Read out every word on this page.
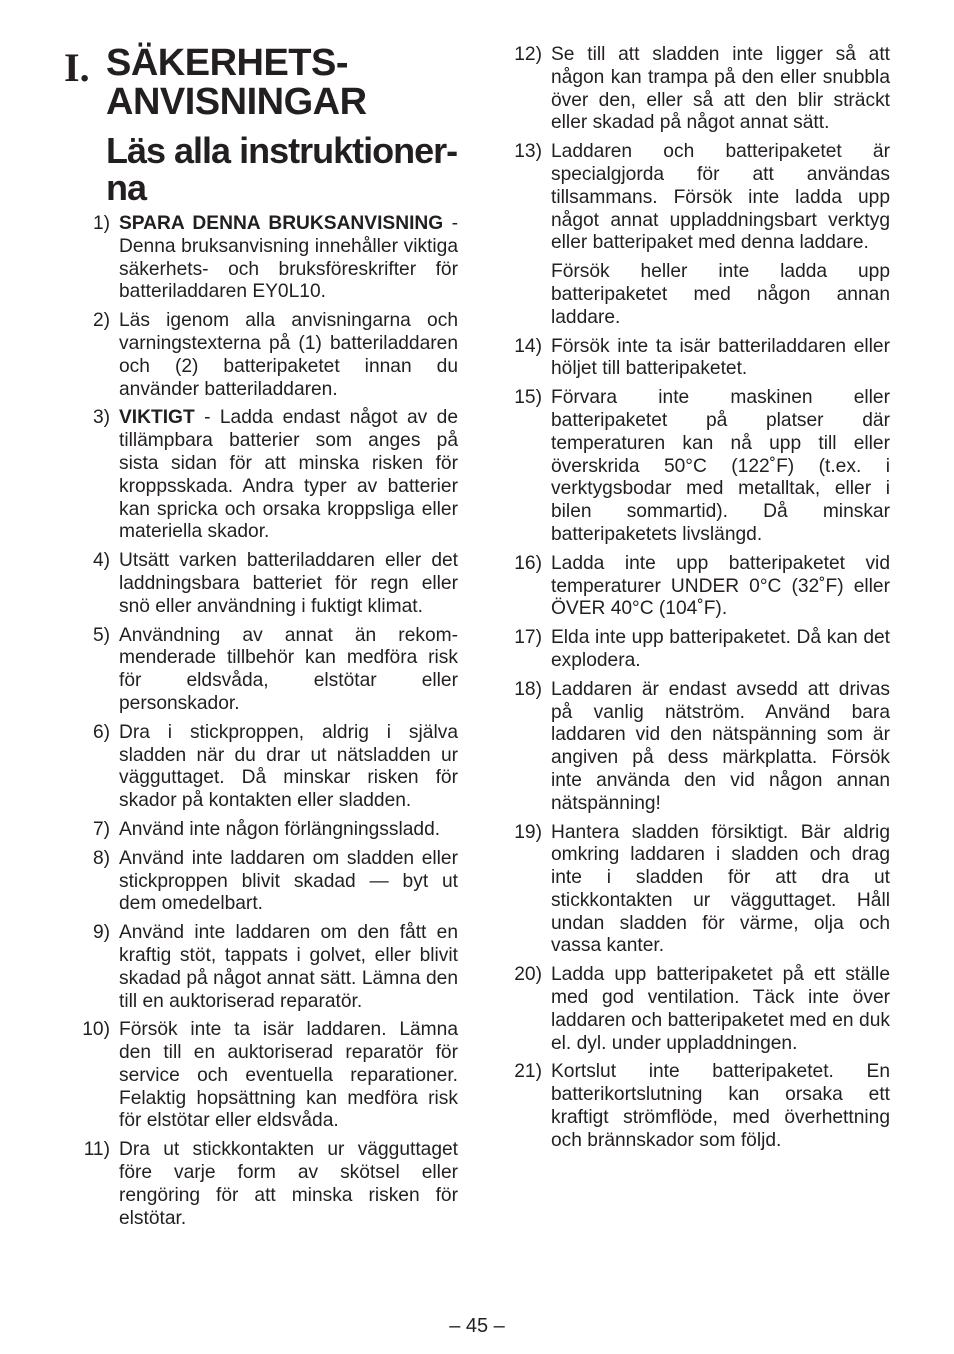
I. SÄKERHETS-
ANVISNINGAR
Läs alla instruktioner-
na
1) SPARA DENNA BRUKSANVISNING - Denna bruksanvisning innehåller viktiga säkerhets- och bruksföreskrifter för batteriladdaren EY0L10.

2) Läs igenom alla anvisningarna och varningstexterna på (1) batteriladdaren och (2) batteripaketet innan du använder batteriladdaren.

3) VIKTIGT - Ladda endast något av de tillämpbara batterier som anges på sista sidan för att minska risken för kroppsskada. Andra typer av batterier kan spricka och orsaka kroppsliga eller materiella skador.

4) Utsätt varken batteriladdaren eller det laddningsbara batteriet för regn eller snö eller användning i fuktigt klimat.

5) Användning av annat än rekommenderade tillbehör kan medföra risk för eldsvåda, elstötar eller personskador.

6) Dra i stickproppen, aldrig i själva sladden när du drar ut nätsladden ur vägguttaget. Då minskar risken för skador på kontakten eller sladden.

7) Använd inte någon förlängningssladd.

8) Använd inte laddaren om sladden eller stickproppen blivit skadad — byt ut dem omedelbart.

9) Använd inte laddaren om den fått en kraftig stöt, tappats i golvet, eller blivit skadad på något annat sätt. Lämna den till en auktoriserad reparatör.

10) Försök inte ta isär laddaren. Lämna den till en auktoriserad reparatör för service och eventuella reparationer. Felaktig hopsättning kan medföra risk för elstötar eller eldsvåda.

11) Dra ut stickkontakten ur vägguttaget före varje form av skötsel eller rengöring för att minska risken för elstötar.

12) Se till att sladden inte ligger så att någon kan trampa på den eller snubbla över den, eller så att den blir sträckt eller skadad på något annat sätt.

13) Laddaren och batteripaketet är specialgjorda för att användas tillsammans. Försök inte ladda upp något annat uppladdningsbart verktyg eller batteripaket med denna laddare.

Försök heller inte ladda upp batteripaketet med någon annan laddare.

14) Försök inte ta isär batteriladdaren eller höljet till batteripaketet.

15) Förvara inte maskinen eller batteripaketet på platser där temperaturen kan nå upp till eller överskrida 50°C (122˚F) (t.ex. i verktygsbodar med metalltak, eller i bilen sommartid). Då minskar batteripaketets livslängd.

16) Ladda inte upp batteripaketet vid temperaturer UNDER 0°C (32˚F) eller ÖVER 40°C (104˚F).

17) Elda inte upp batteripaketet. Då kan det explodera.

18) Laddaren är endast avsedd att drivas på vanlig nätström. Använd bara laddaren vid den nätspänning som är angiven på dess märkplatta. Försök inte använda den vid någon annan nätspänning!

19) Hantera sladden försiktigt. Bär aldrig omkring laddaren i sladden och drag inte i sladden för att dra ut stickkontakten ur vägguttaget. Håll undan sladden för värme, olja och vassa kanter.

20) Ladda upp batteripaketet på ett ställe med god ventilation. Täck inte över laddaren och batteripaketet med en duk el. dyl. under uppladdningen.

21) Kortslut inte batteripaketet. En batterikortslutning kan orsaka ett kraftigt strömflöde, med överhettning och brännskador som följd.

– 45 –
